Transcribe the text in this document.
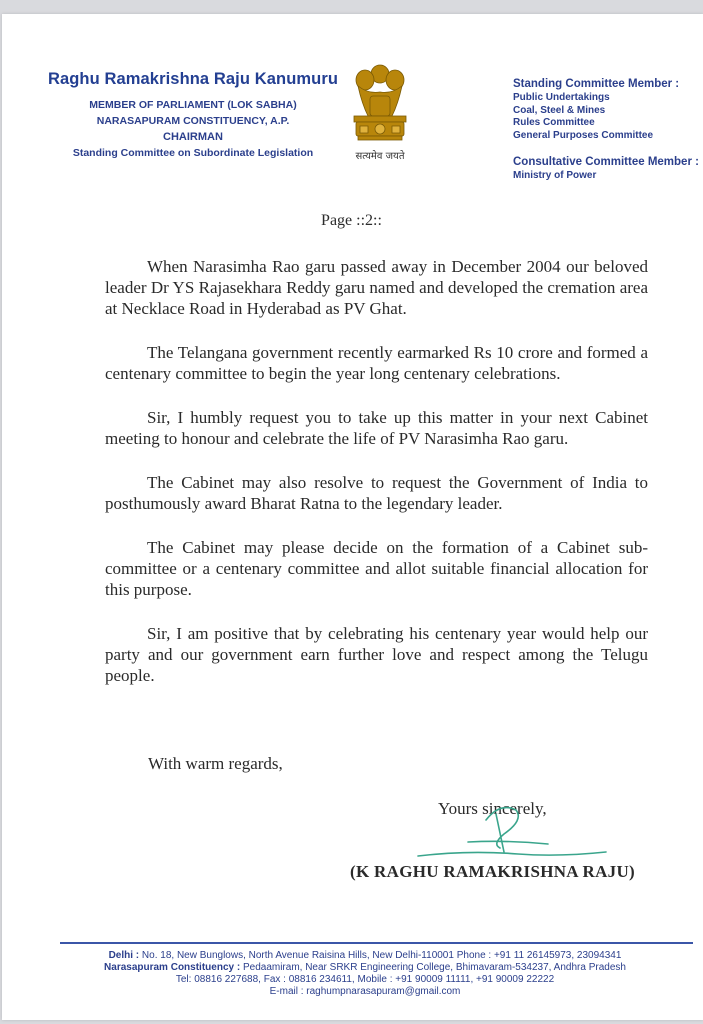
Raghu Ramakrishna Raju Kanumuru
MEMBER OF PARLIAMENT (LOK SABHA)
NARASAPURAM CONSTITUENCY, A.P.
CHAIRMAN
Standing Committee on Subordinate Legislation	सत्यमेव जयते
Standing Committee Member :
Public Undertakings
Coal, Steel & Mines
Rules Committee
General Purposes Committee
Consultative Committee Member :
Ministry of Power
Page ::2::

When Narasimha Rao garu passed away in December 2004 our beloved leader Dr YS Rajasekhara Reddy garu named and developed the cremation area at Necklace Road in Hyderabad as PV Ghat.

The Telangana government recently earmarked Rs 10 crore and formed a centenary committee to begin the year long centenary celebrations.

Sir, I humbly request you to take up this matter in your next Cabinet meeting to honour and celebrate the life of PV Narasimha Rao garu.

The Cabinet may also resolve to request the Government of India to posthumously award Bharat Ratna to the legendary leader.

The Cabinet may please decide on the formation of a Cabinet sub-committee or a centenary committee and allot suitable financial allocation for this purpose.

Sir, I am positive that by celebrating his centenary year would help our party and our government earn further love and respect among the Telugu people.

With warm regards,
Yours sincerely,
(K RAGHU RAMAKRISHNA RAJU)
Delhi : No. 18, New Bunglows, North Avenue Raisina Hills, New Delhi-110001 Phone : +91 11 26145973, 23094341
Narasapuram Constituency : Pedaamiram, Near SRKR Engineering College, Bhimavaram-534237, Andhra Pradesh
Tel: 08816 227688, Fax : 08816 234611, Mobile : +91 90009 11111, +91 90009 22222
E-mail : raghumpnarasapuram@gmail.com
